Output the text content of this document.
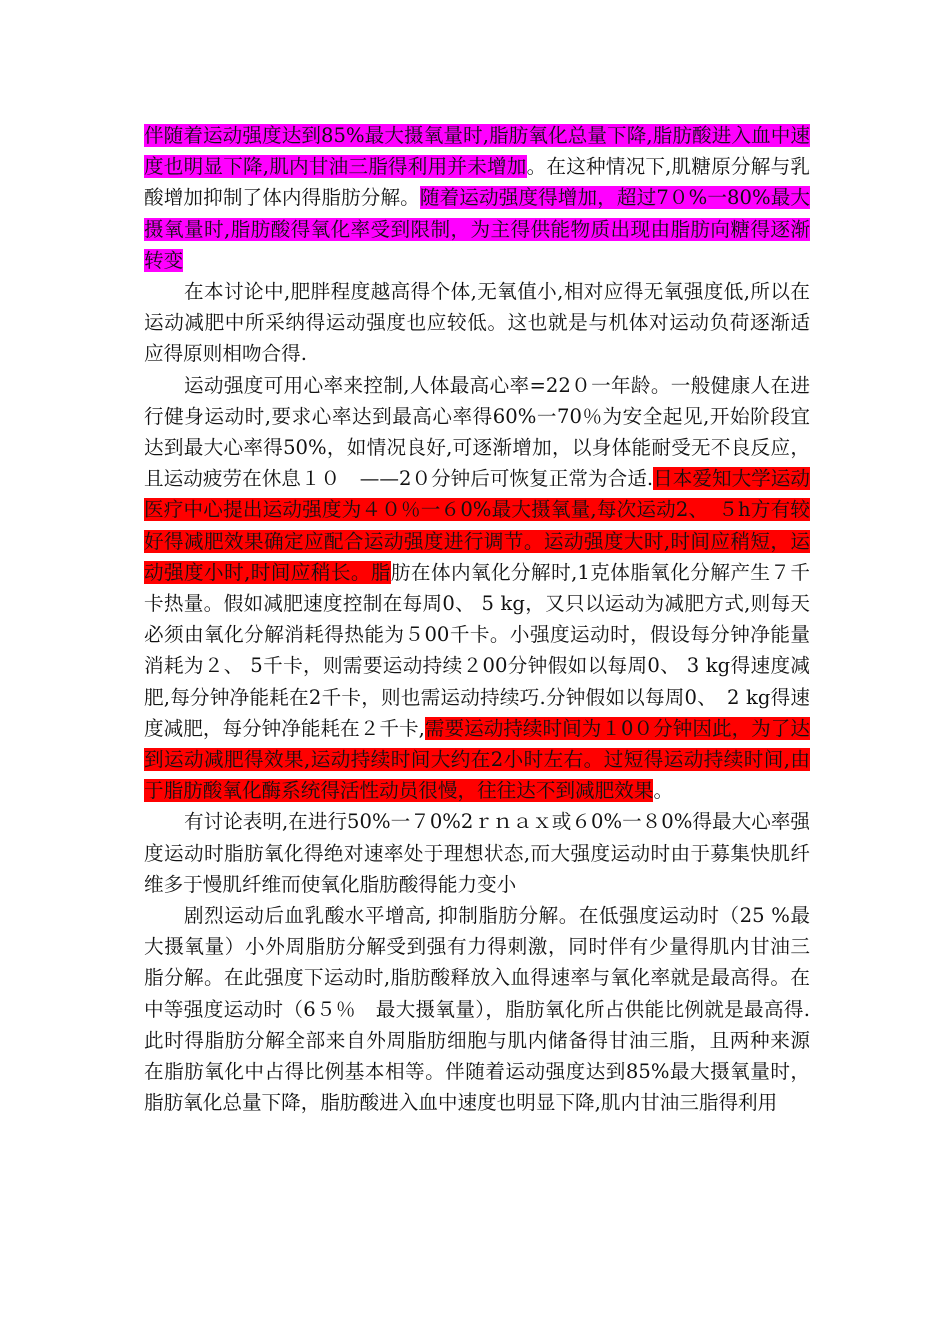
伴随着运动强度达到85%最大摄氧量时,脂肪氧化总量下降,脂肪酸进入血中速度也明显下降,肌内甘油三脂得利用并未增加。在这种情况下,肌糖原分解与乳酸增加抑制了体内得脂肪分解。随着运动强度得增加，超过7０%一80%最大摄氧量时,脂肪酸得氧化率受到限制，为主得供能物质出现由脂肪向糖得逐渐转变

在本讨论中,肥胖程度越高得个体,无氧值小,相对应得无氧强度低,所以在运动减肥中所采纳得运动强度也应较低。这也就是与机体对运动负荷逐渐适应得原则相吻合得.

运动强度可用心率来控制,人体最高心率=22０一年龄。一般健康人在进行健身运动时,要求心率达到最高心率得60%一70％为安全起见,开始阶段宜达到最大心率得50%，如情况良好,可逐渐增加，以身体能耐受无不良反应，且运动疲劳在休息１０　——2０分钟后可恢复正常为合适.日本爱知大学运动医疗中心提出运动强度为４０％一６0%最大摄氧量,每次运动2、　５h方有较好得减肥效果确定应配合运动强度进行调节。运动强度大时,时间应稍短，运动强度小时,时间应稍长。脂肪在体内氧化分解时,1克体脂氧化分解产生７千卡热量。假如减肥速度控制在每周0、 5 kg，又只以运动为减肥方式,则每天必须由氧化分解消耗得热能为５00千卡。小强度运动时，假设每分钟净能量消耗为２、 5千卡，则需要运动持续２00分钟假如以每周0、 3 kg得速度减肥,每分钟净能耗在2千卡，则也需运动持续巧.分钟假如以每周0、　2 kg得速度减肥，每分钟净能耗在２千卡,需要运动持续时间为１0０分钟因此，为了达到运动减肥得效果,运动持续时间大约在2小时左右。过短得运动持续时间,由于脂肪酸氧化酶系统得活性动员很慢，往往达不到减肥效果。

有讨论表明,在进行50%一７0%2ｒｎａｘ或６0%一８0%得最大心率强度运动时脂肪氧化得绝对速率处于理想状态,而大强度运动时由于募集快肌纤维多于慢肌纤维而使氧化脂肪酸得能力变小

剧烈运动后血乳酸水平增高, 抑制脂肪分解。在低强度运动时（25 %最大摄氧量）小外周脂肪分解受到强有力得刺激，同时伴有少量得肌内甘油三脂分解。在此强度下运动时,脂肪酸释放入血得速率与氧化率就是最高得。在中等强度运动时（6５％　最大摄氧量），脂肪氧化所占供能比例就是最高得.此时得脂肪分解全部来自外周脂肪细胞与肌内储备得甘油三脂，且两种来源在脂肪氧化中占得比例基本相等。伴随着运动强度达到85%最大摄氧量时，脂肪氧化总量下降，脂肪酸进入血中速度也明显下降,肌内甘油三脂得利用
